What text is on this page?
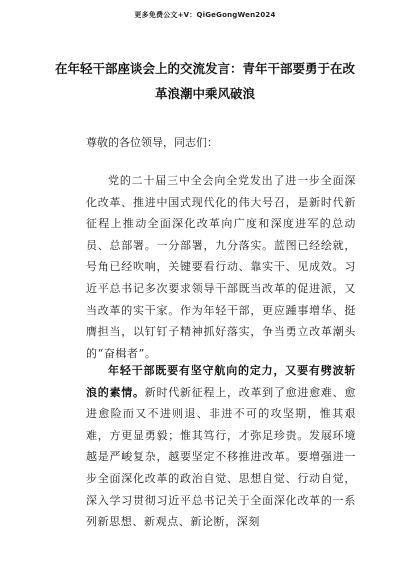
更多免费公文+V：QiGeGongWen2024
在年轻干部座谈会上的交流发言：青年干部要勇于在改革浪潮中乘风破浪
尊敬的各位领导，同志们：
党的二十届三中全会向全党发出了进一步全面深化改革、推进中国式现代化的伟大号召，是新时代新征程上推动全面深化改革向广度和深度进军的总动员、总部署。一分部署，九分落实。蓝图已经绘就，号角已经吹响，关键要看行动、靠实干、见成效。习近平总书记多次要求领导干部既当改革的促进派，又当改革的实干家。作为年轻干部，更应踵事增华、挺膺担当，以钉钉子精神抓好落实，争当勇立改革潮头的“奋楫者”。
年轻干部既要有坚守航向的定力，又要有劈波斩浪的素情。新时代新征程上，改革到了愈进愈难、愈进愈险而又不进则退、非进不可的攻坚期，惟其艰难，方更显勇毅；惟其笃行，才弥足珍贵。发展环境越是严峻复杂，越要坚定不移推进改革。要增强进一步全面深化改革的政治自觉、思想自觉、行动自觉，深入学习贯彻习近平总书记关于全面深化改革的一系列新思想、新观点、新论断，深刻
